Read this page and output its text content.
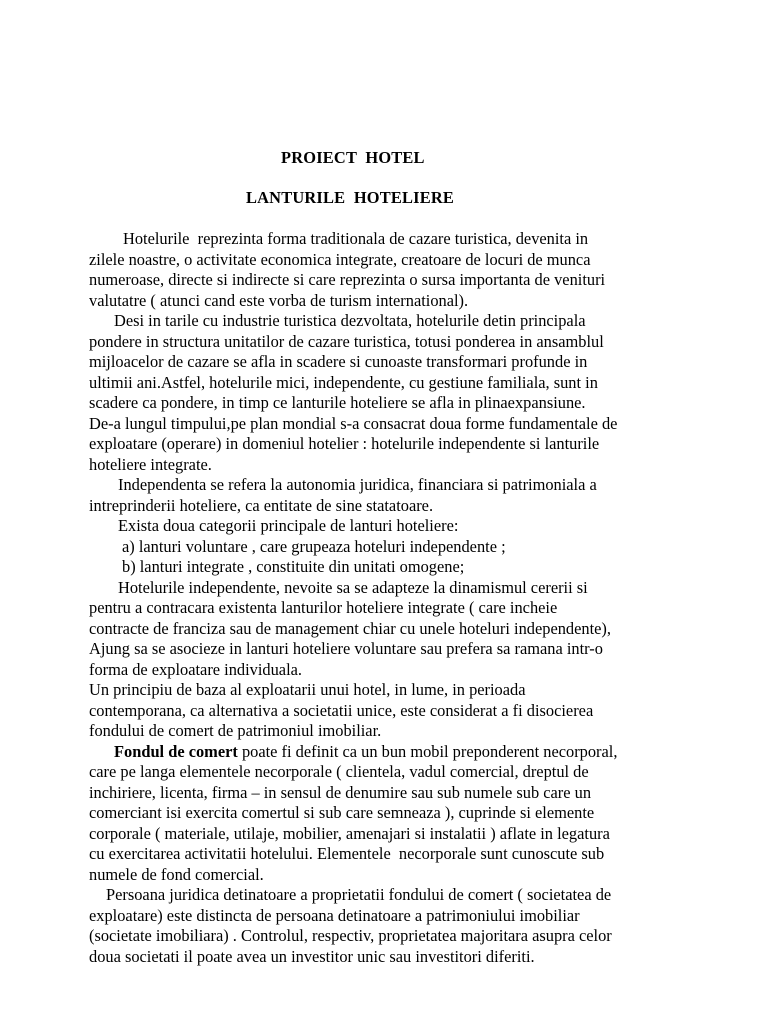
PROIECT  HOTEL
LANTURILE  HOTELIERE
Hotelurile  reprezinta forma traditionala de cazare turistica, devenita in
zilele noastre, o activitate economica integrate, creatoare de locuri de munca
numeroase, directe si indirecte si care reprezinta o sursa importanta de venituri
valutatre ( atunci cand este vorba de turism international).
Desi in tarile cu industrie turistica dezvoltata, hotelurile detin principala
pondere in structura unitatilor de cazare turistica, totusi ponderea in ansamblul
mijloacelor de cazare se afla in scadere si cunoaste transformari profunde in
ultimii ani.Astfel, hotelurile mici, independente, cu gestiune familiala, sunt in
scadere ca pondere, in timp ce lanturile hoteliere se afla in plinaexpansiune.
De-a lungul timpului,pe plan mondial s-a consacrat doua forme fundamentale de
exploatare (operare) in domeniul hotelier : hotelurile independente si lanturile
hoteliere integrate.
Independenta se refera la autonomia juridica, financiara si patrimoniala a
intreprinderii hoteliere, ca entitate de sine statatoare.
Exista doua categorii principale de lanturi hoteliere:
a) lanturi voluntare , care grupeaza hoteluri independente ;
b) lanturi integrate , constituite din unitati omogene;
Hotelurile independente, nevoite sa se adapteze la dinamismul cererii si
pentru a contracara existenta lanturilor hoteliere integrate ( care incheie
contracte de franciza sau de management chiar cu unele hoteluri independente),
Ajung sa se asocieze in lanturi hoteliere voluntare sau prefera sa ramana intr-o
forma de exploatare individuala.
Un principiu de baza al exploatarii unui hotel, in lume, in perioada
contemporana, ca alternativa a societatii unice, este considerat a fi disocierea
fondului de comert de patrimoniul imobiliar.
Fondul de comert poate fi definit ca un bun mobil preponderent necorporal,
care pe langa elementele necorporale ( clientela, vadul comercial, dreptul de
inchiriere, licenta, firma – in sensul de denumire sau sub numele sub care un
comerciant isi exercita comertul si sub care semneaza ), cuprinde si elemente
corporale ( materiale, utilaje, mobilier, amenajari si instalatii ) aflate in legatura
cu exercitarea activitatii hotelului. Elementele  necorporale sunt cunoscute sub
numele de fond comercial.
Persoana juridica detinatoare a proprietatii fondului de comert ( societatea de
exploatare) este distincta de persoana detinatoare a patrimoniului imobiliar
(societate imobiliara) . Controlul, respectiv, proprietatea majoritara asupra celor
doua societati il poate avea un investitor unic sau investitori diferiti.
